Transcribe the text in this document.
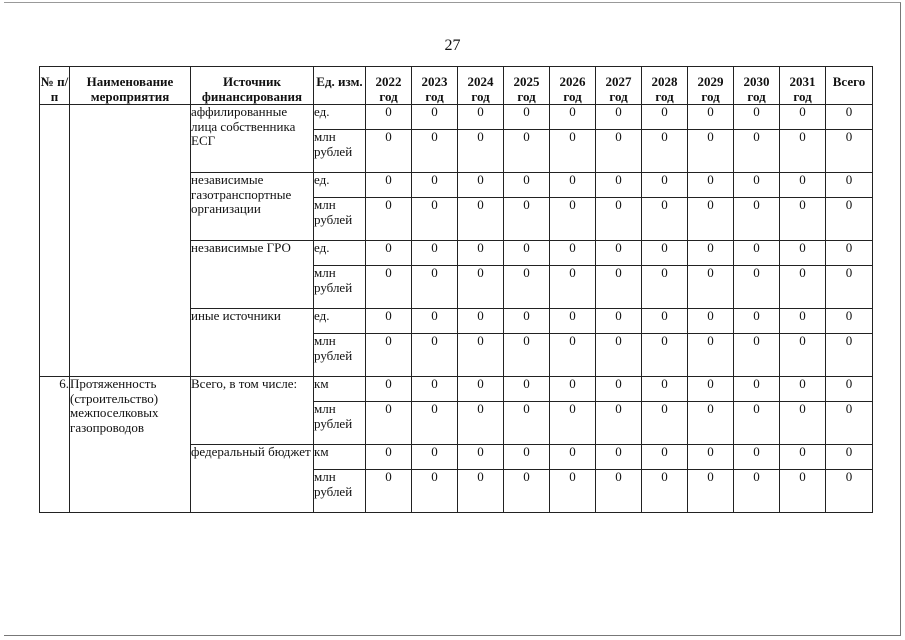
27
№ п/п	Наименование мероприятия	Источник финансирования	Ед. изм.	2022 год	2023 год	2024 год	2025 год	2026 год	2027 год	2028 год	2029 год	2030 год	2031 год	Всего
		аффилированные лица собственника ЕСГ	ед.	0	0	0	0	0	0	0	0	0	0	0
			млн рублей	0	0	0	0	0	0	0	0	0	0	0
		независимые газотранспортные организации	ед.	0	0	0	0	0	0	0	0	0	0	0
			млн рублей	0	0	0	0	0	0	0	0	0	0	0
		независимые ГРО	ед.	0	0	0	0	0	0	0	0	0	0	0
			млн рублей	0	0	0	0	0	0	0	0	0	0	0
		иные источники	ед.	0	0	0	0	0	0	0	0	0	0	0
			млн рублей	0	0	0	0	0	0	0	0	0	0	0
6.	Протяженность (строительство) межпоселковых газопроводов	Всего, в том числе:	км	0	0	0	0	0	0	0	0	0	0	0
			млн рублей	0	0	0	0	0	0	0	0	0	0	0
		федеральный бюджет	км	0	0	0	0	0	0	0	0	0	0	0
			млн рублей	0	0	0	0	0	0	0	0	0	0	0
